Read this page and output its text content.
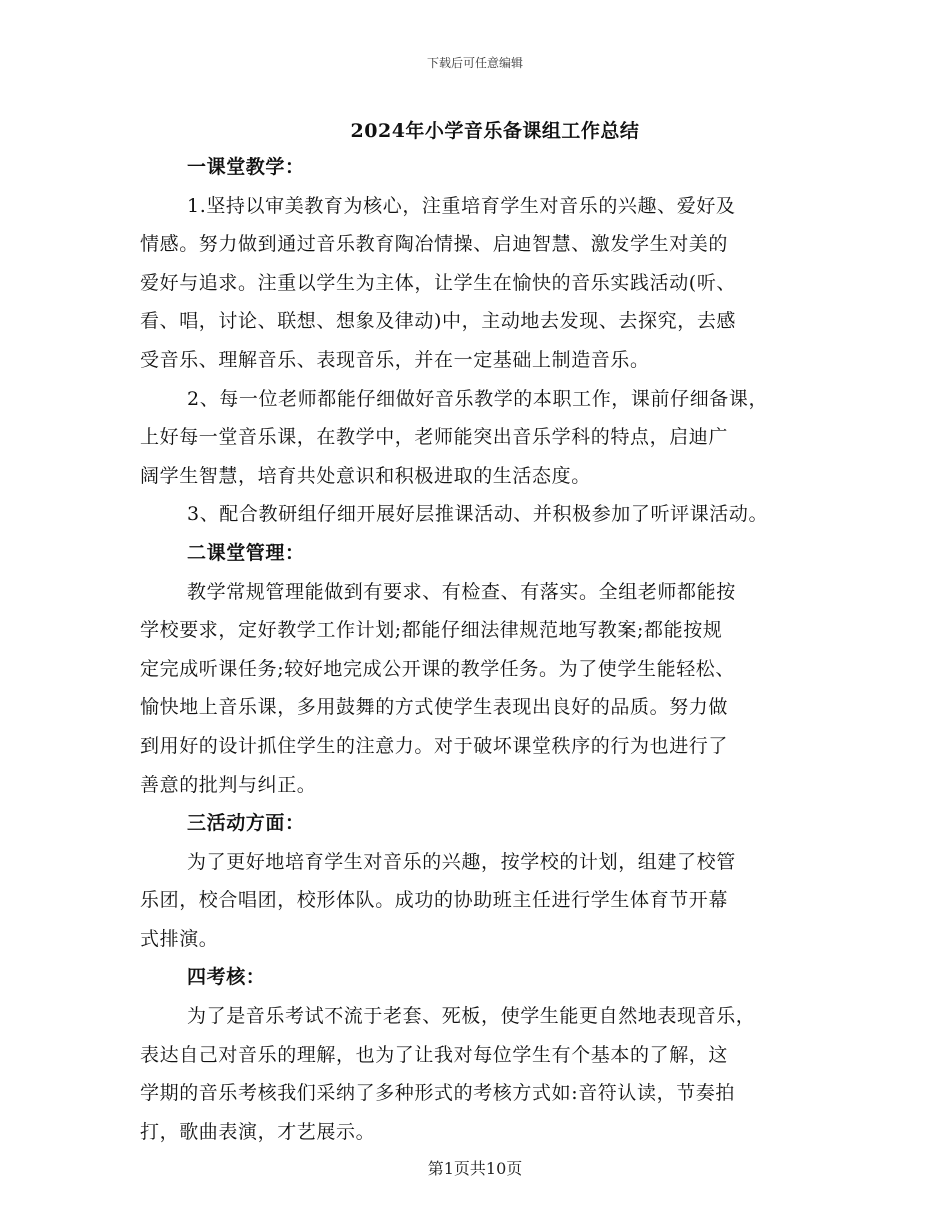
下载后可任意编辑
2024年小学音乐备课组工作总结
一课堂教学：
1.坚持以审美教育为核心，注重培育学生对音乐的兴趣、爱好及
情感。努力做到通过音乐教育陶冶情操、启迪智慧、激发学生对美的
爱好与追求。注重以学生为主体，让学生在愉快的音乐实践活动(听、
看、唱，讨论、联想、想象及律动)中，主动地去发现、去探究，去感
受音乐、理解音乐、表现音乐，并在一定基础上制造音乐。
2、每一位老师都能仔细做好音乐教学的本职工作，课前仔细备课，
上好每一堂音乐课，在教学中，老师能突出音乐学科的特点，启迪广
阔学生智慧，培育共处意识和积极进取的生活态度。
3、配合教研组仔细开展好层推课活动、并积极参加了听评课活动。
二课堂管理：
教学常规管理能做到有要求、有检查、有落实。全组老师都能按
学校要求，定好教学工作计划;都能仔细法律规范地写教案;都能按规
定完成听课任务;较好地完成公开课的教学任务。为了使学生能轻松、
愉快地上音乐课，多用鼓舞的方式使学生表现出良好的品质。努力做
到用好的设计抓住学生的注意力。对于破坏课堂秩序的行为也进行了
善意的批判与纠正。
三活动方面：
为了更好地培育学生对音乐的兴趣，按学校的计划，组建了校管
乐团，校合唱团，校形体队。成功的协助班主任进行学生体育节开幕
式排演。
四考核：
为了是音乐考试不流于老套、死板，使学生能更自然地表现音乐，
表达自己对音乐的理解，也为了让我对每位学生有个基本的了解，这
学期的音乐考核我们采纳了多种形式的考核方式如:音符认读，节奏拍
打，歌曲表演，才艺展示。
第1页共10页
